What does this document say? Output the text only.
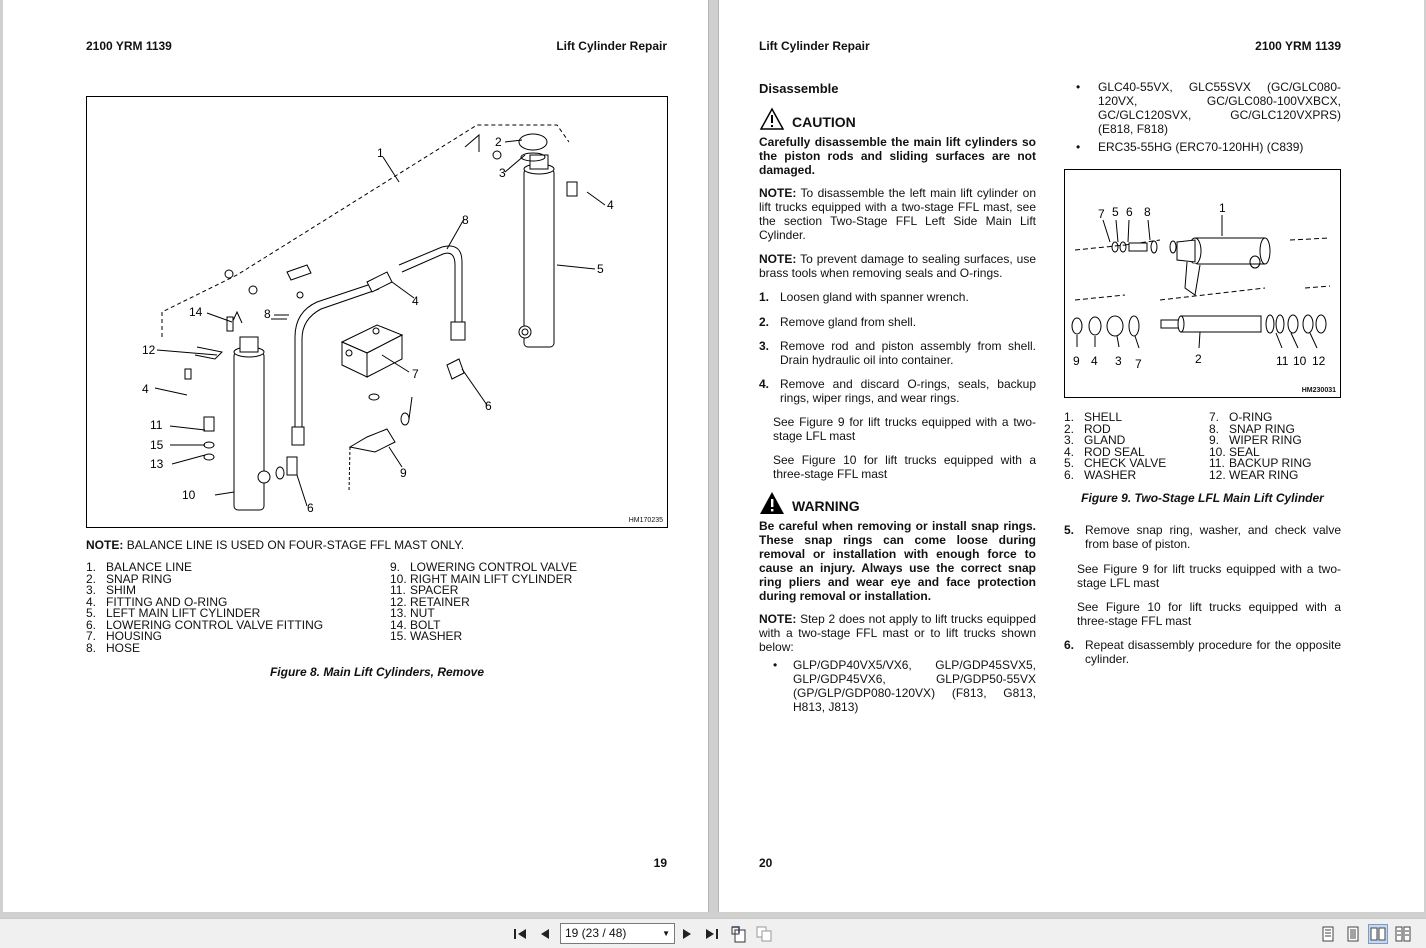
2100 YRM 1139	Lift Cylinder Repair
1
2
3
4
5
8
4
8
14
12
7
4
6
11
15
13
9
10
6
HM170235
NOTE: BALANCE LINE IS USED ON FOUR-STAGE FFL MAST ONLY.
1. BALANCE LINE
2. SNAP RING
3. SHIM
4. FITTING AND O-RING
5. LEFT MAIN LIFT CYLINDER
6. LOWERING CONTROL VALVE FITTING
7. HOUSING
8. HOSE
9. LOWERING CONTROL VALVE
10. RIGHT MAIN LIFT CYLINDER
11. SPACER
12. RETAINER
13. NUT
14. BOLT
15. WASHER
Figure 8. Main Lift Cylinders, Remove
19
Lift Cylinder Repair	2100 YRM 1139
Disassemble
CAUTION
Carefully disassemble the main lift cylinders so the piston rods and sliding surfaces are not damaged.
NOTE: To disassemble the left main lift cylinder on lift trucks equipped with a two-stage FFL mast, see the section Two-Stage FFL Left Side Main Lift Cylinder.
NOTE: To prevent damage to sealing surfaces, use brass tools when removing seals and O-rings.
1. Loosen gland with spanner wrench.
2. Remove gland from shell.
3. Remove rod and piston assembly from shell. Drain hydraulic oil into container.
4. Remove and discard O-rings, seals, backup rings, wiper rings, and wear rings.
See Figure 9 for lift trucks equipped with a two-stage LFL mast
See Figure 10 for lift trucks equipped with a three-stage FFL mast
WARNING
Be careful when removing or install snap rings. These snap rings can come loose during removal or installation with enough force to cause an injury. Always use the correct snap ring pliers and wear eye and face protection during removal or installation.
NOTE: Step 2 does not apply to lift trucks equipped with a two-stage FFL mast or to lift trucks shown below:
• GLP/GDP40VX5/VX6, GLP/GDP45SVX5, GLP/GDP45VX6, GLP/GDP50-55VX (GP/GLP/GDP080-120VX) (F813, G813, H813, J813)
• GLC40-55VX, GLC55SVX (GC/GLC080-120VX, GC/GLC080-100VXBCX, GC/GLC120SVX, GC/GLC120VXPRS) (E818, F818)
• ERC35-55HG (ERC70-120HH) (C839)
7 5 6 8	1
9 4 3 7	2	11 10 12
HM230031
1. SHELL
2. ROD
3. GLAND
4. ROD SEAL
5. CHECK VALVE
6. WASHER
7. O-RING
8. SNAP RING
9. WIPER RING
10. SEAL
11. BACKUP RING
12. WEAR RING
Figure 9. Two-Stage LFL Main Lift Cylinder
5. Remove snap ring, washer, and check valve from base of piston.
See Figure 9 for lift trucks equipped with a two-stage LFL mast
See Figure 10 for lift trucks equipped with a three-stage FFL mast
6. Repeat disassembly procedure for the opposite cylinder.
20
19 (23 / 48)	▼
